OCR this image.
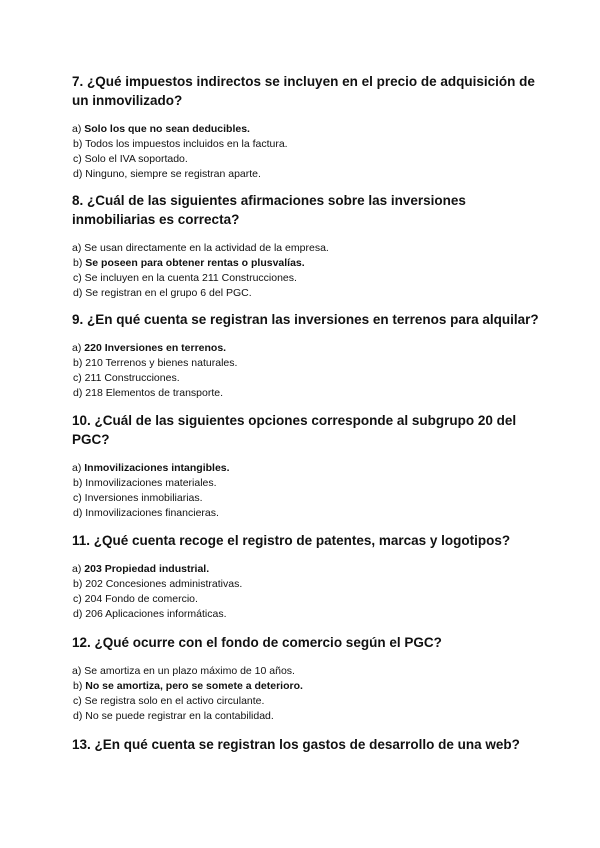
7. ¿Qué impuestos indirectos se incluyen en el precio de adquisición de un inmovilizado?

a) Solo los que no sean deducibles.
b) Todos los impuestos incluidos en la factura.
c) Solo el IVA soportado.
d) Ninguno, siempre se registran aparte.

8. ¿Cuál de las siguientes afirmaciones sobre las inversiones inmobiliarias es correcta?

a) Se usan directamente en la actividad de la empresa.
b) Se poseen para obtener rentas o plusvalías.
c) Se incluyen en la cuenta 211 Construcciones.
d) Se registran en el grupo 6 del PGC.

9. ¿En qué cuenta se registran las inversiones en terrenos para alquilar?

a) 220 Inversiones en terrenos.
b) 210 Terrenos y bienes naturales.
c) 211 Construcciones.
d) 218 Elementos de transporte.

10. ¿Cuál de las siguientes opciones corresponde al subgrupo 20 del PGC?

a) Inmovilizaciones intangibles.
b) Inmovilizaciones materiales.
c) Inversiones inmobiliarias.
d) Inmovilizaciones financieras.

11. ¿Qué cuenta recoge el registro de patentes, marcas y logotipos?

a) 203 Propiedad industrial.
b) 202 Concesiones administrativas.
c) 204 Fondo de comercio.
d) 206 Aplicaciones informáticas.

12. ¿Qué ocurre con el fondo de comercio según el PGC?

a) Se amortiza en un plazo máximo de 10 años.
b) No se amortiza, pero se somete a deterioro.
c) Se registra solo en el activo circulante.
d) No se puede registrar en la contabilidad.

13. ¿En qué cuenta se registran los gastos de desarrollo de una web?
